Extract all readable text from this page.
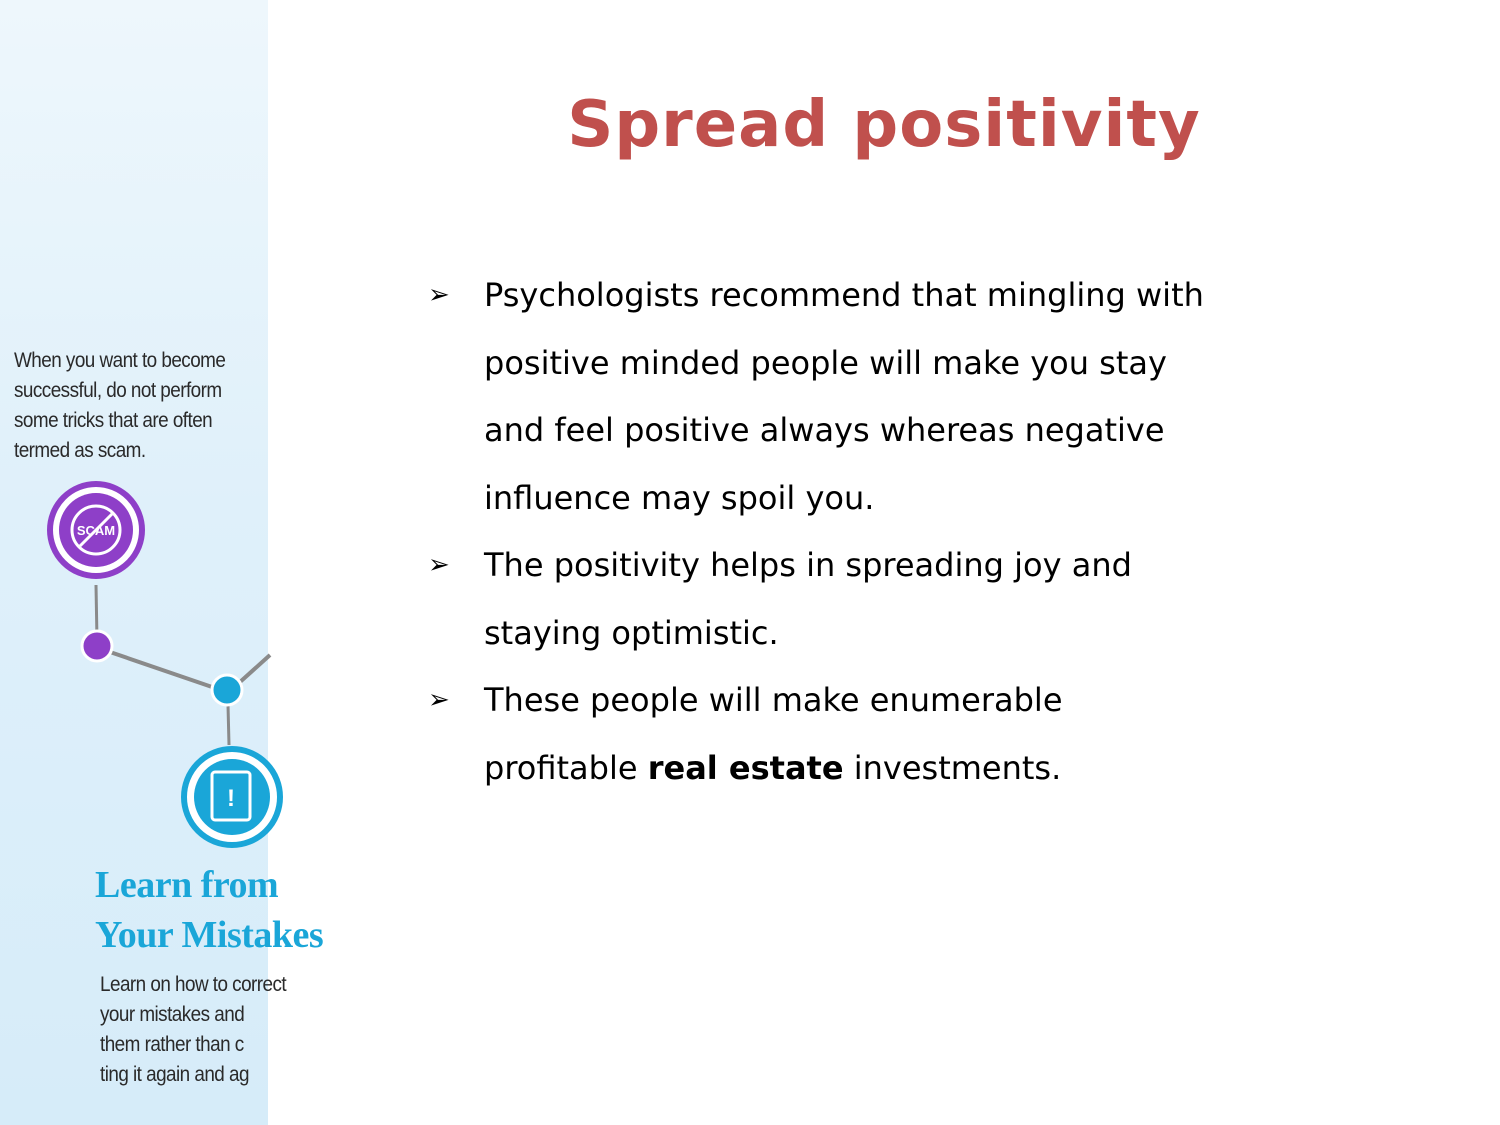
SCAM
!
When you want to become
successful, do not perform
some tricks that are often
termed as scam.
Learn from
Your Mistakes
Learn on how to correct
your mistakes and
them rather than c
ting it again and ag
Spread positivity
➢ Psychologists recommend that mingling with
positive minded people will make you stay
and feel positive always whereas negative
influence may spoil you.
➢ The positivity helps in spreading joy and
staying optimistic.
➢ These people will make enumerable
profitable real estate investments.
